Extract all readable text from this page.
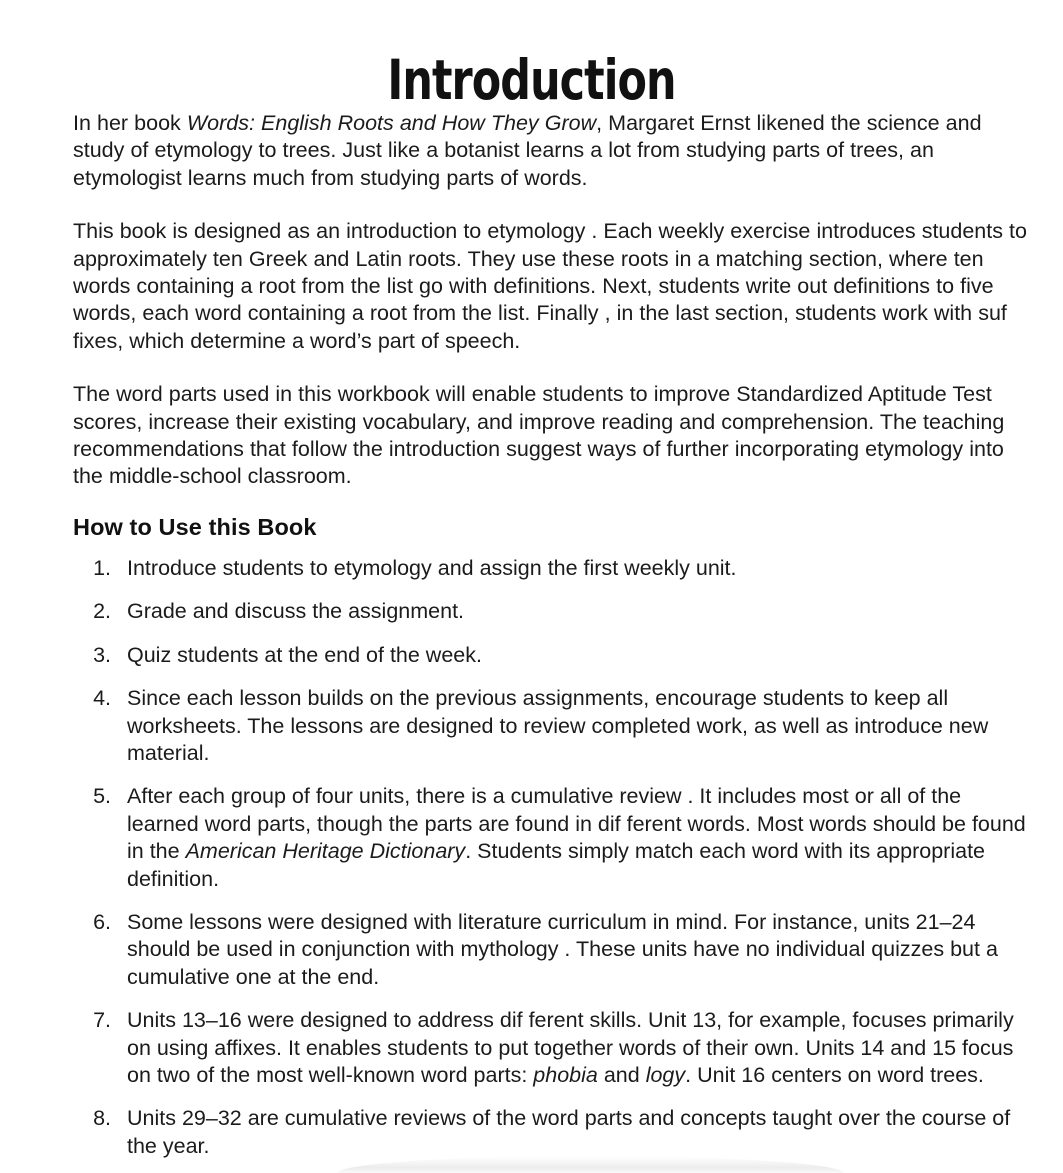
Introduction

In her book Words: English Roots and How They Grow, Margaret Ernst likened the science and study of etymology to trees. Just like a botanist learns a lot from studying parts of trees, an etymologist learns much from studying parts of words.

This book is designed as an introduction to etymology . Each weekly exercise introduces students to approximately ten Greek and Latin roots. They use these roots in a matching section, where ten words containing a root from the list go with definitions. Next, students write out definitions to five words, each word containing a root from the list. Finally , in the last section, students work with suf fixes, which determine a word’s part of speech.

The word parts used in this workbook will enable students to improve Standardized Aptitude Test scores, increase their existing vocabulary, and improve reading and comprehension. The teaching recommendations that follow the introduction suggest ways of further incorporating etymology into the middle-school classroom.

How to Use this Book
1. Introduce students to etymology and assign the first weekly unit.
2. Grade and discuss the assignment.
3. Quiz students at the end of the week.
4. Since each lesson builds on the previous assignments, encourage students to keep all worksheets. The lessons are designed to review completed work, as well as introduce new material.
5. After each group of four units, there is a cumulative review . It includes most or all of the learned word parts, though the parts are found in dif ferent words. Most words should be found in the American Heritage Dictionary. Students simply match each word with its appropriate definition.
6. Some lessons were designed with literature curriculum in mind. For instance, units 21–24 should be used in conjunction with mythology . These units have no individual quizzes but a cumulative one at the end.
7. Units 13–16 were designed to address dif ferent skills. Unit 13, for example, focuses primarily on using affixes. It enables students to put together words of their own. Units 14 and 15 focus on two of the most well-known word parts: phobia and logy. Unit 16 centers on word trees.
8. Units 29–32 are cumulative reviews of the word parts and concepts taught over the course of the year.
